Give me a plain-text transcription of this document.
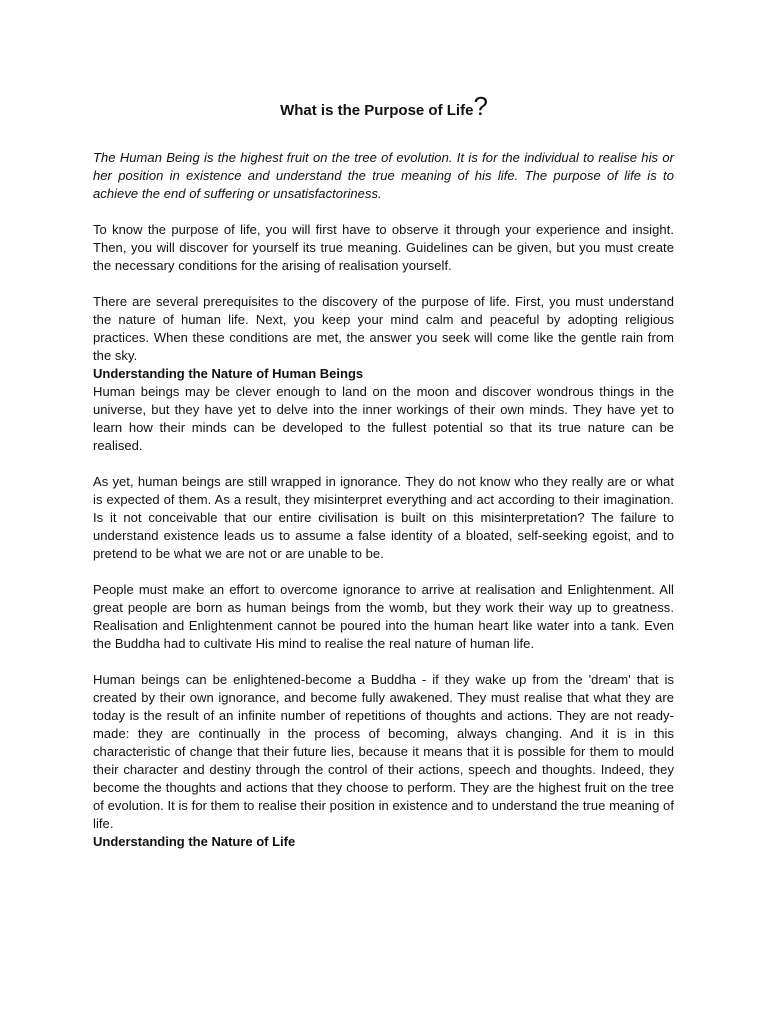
What is the Purpose of Life?

The Human Being is the highest fruit on the tree of evolution. It is for the individual to realise his or her position in existence and understand the true meaning of his life. The purpose of life is to achieve the end of suffering or unsatisfactoriness.

To know the purpose of life, you will first have to observe it through your experience and insight. Then, you will discover for yourself its true meaning. Guidelines can be given, but you must create the necessary conditions for the arising of realisation yourself.

There are several prerequisites to the discovery of the purpose of life. First, you must understand the nature of human life. Next, you keep your mind calm and peaceful by adopting religious practices. When these conditions are met, the answer you seek will come like the gentle rain from the sky.

Understanding the Nature of Human Beings

Human beings may be clever enough to land on the moon and discover wondrous things in the universe, but they have yet to delve into the inner workings of their own minds. They have yet to learn how their minds can be developed to the fullest potential so that its true nature can be realised.

As yet, human beings are still wrapped in ignorance. They do not know who they really are or what is expected of them. As a result, they misinterpret everything and act according to their imagination. Is it not conceivable that our entire civilisation is built on this misinterpretation? The failure to understand existence leads us to assume a false identity of a bloated, self-seeking egoist, and to pretend to be what we are not or are unable to be.

People must make an effort to overcome ignorance to arrive at realisation and Enlightenment. All great people are born as human beings from the womb, but they work their way up to greatness. Realisation and Enlightenment cannot be poured into the human heart like water into a tank. Even the Buddha had to cultivate His mind to realise the real nature of human life.

Human beings can be enlightened-become a Buddha - if they wake up from the 'dream' that is created by their own ignorance, and become fully awakened. They must realise that what they are today is the result of an infinite number of repetitions of thoughts and actions. They are not ready-made: they are continually in the process of becoming, always changing. And it is in this characteristic of change that their future lies, because it means that it is possible for them to mould their character and destiny through the control of their actions, speech and thoughts. Indeed, they become the thoughts and actions that they choose to perform. They are the highest fruit on the tree of evolution. It is for them to realise their position in existence and to understand the true meaning of life.

Understanding the Nature of Life
